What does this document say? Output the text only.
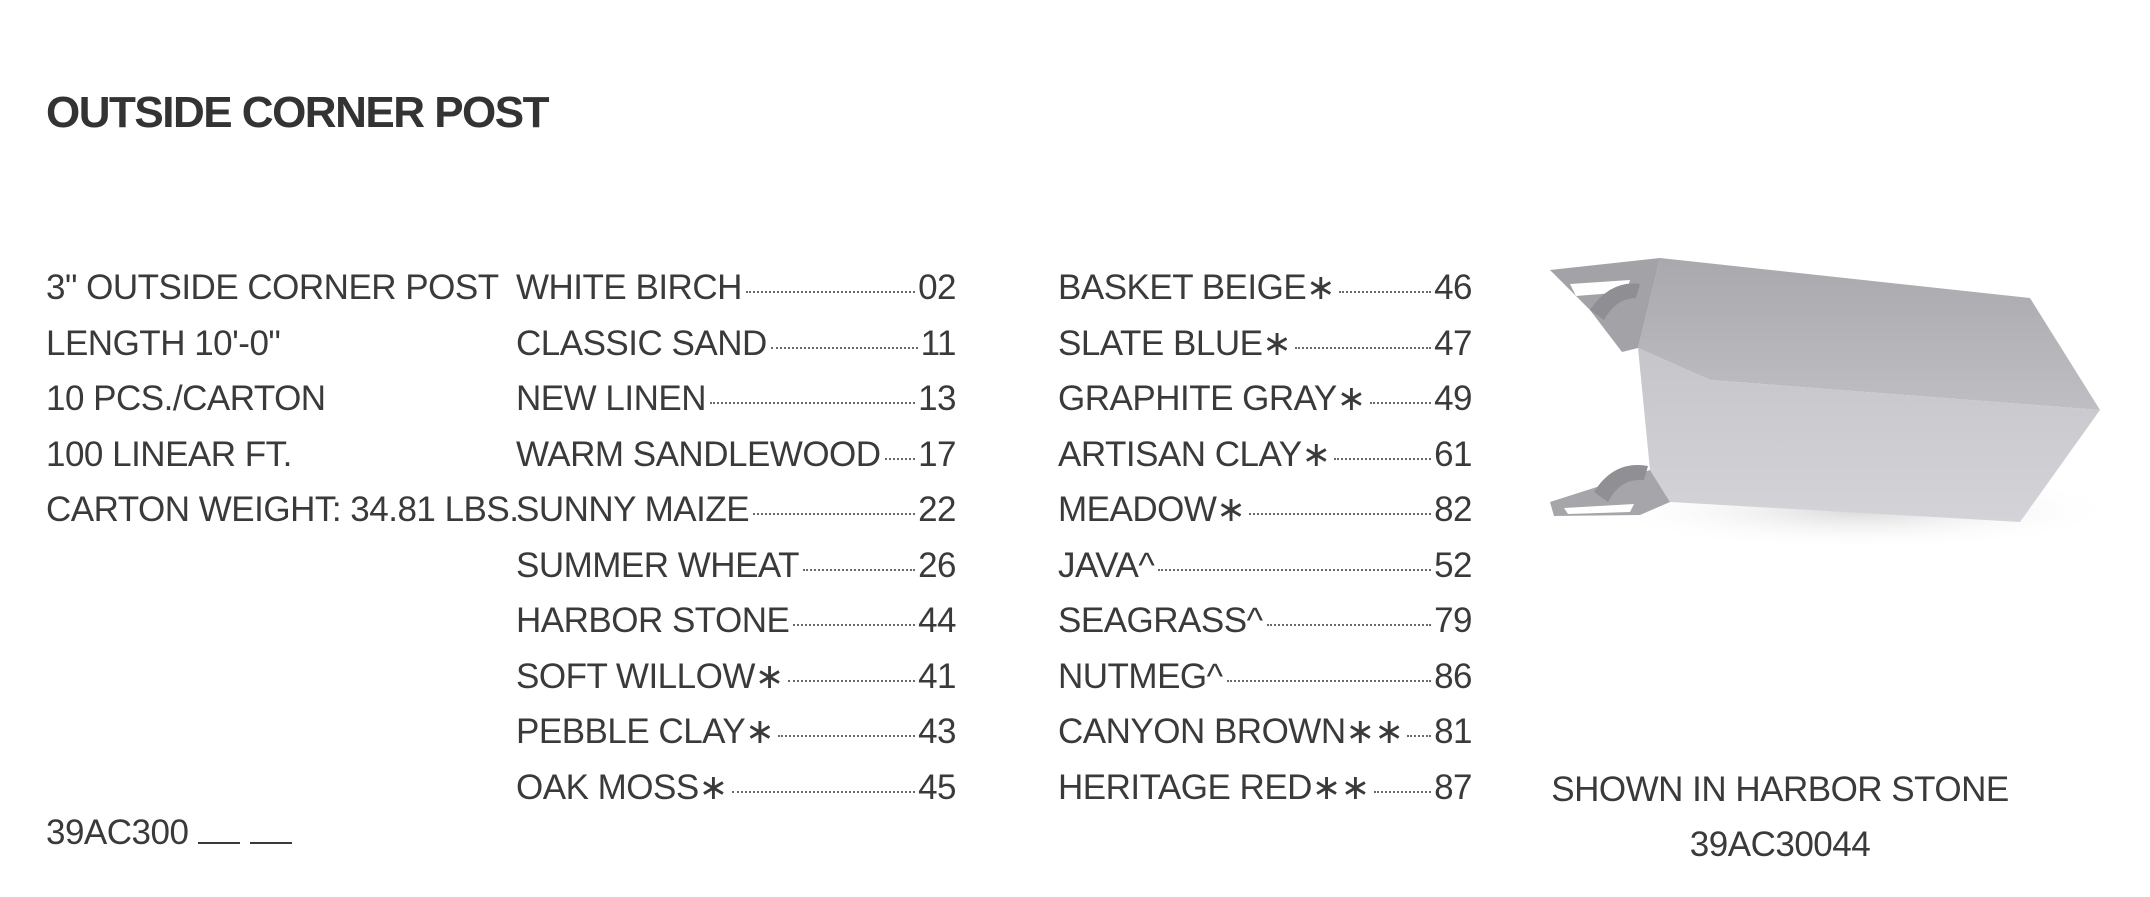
OUTSIDE CORNER POST
3" OUTSIDE CORNER POST
LENGTH 10'-0"
10 PCS./CARTON
100 LINEAR FT.
CARTON WEIGHT: 34.81 LBS.
WHITE BIRCH	02
CLASSIC SAND	11
NEW LINEN	13
WARM SANDLEWOOD 17
SUNNY MAIZE	22
SUMMER WHEAT	26
HARBOR STONE	44
SOFT WILLOW∗	41
PEBBLE CLAY∗	43
OAK MOSS∗	45
BASKET BEIGE∗	46
SLATE BLUE∗	47
GRAPHITE GRAY∗ 49
ARTISAN CLAY∗	61
MEADOW∗	82
JAVA^	52
SEAGRASS^	79
NUTMEG^	86
CANYON BROWN∗∗ 81
HERITAGE RED∗∗ 87
39AC300
SHOWN IN HARBOR STONE
39AC30044
